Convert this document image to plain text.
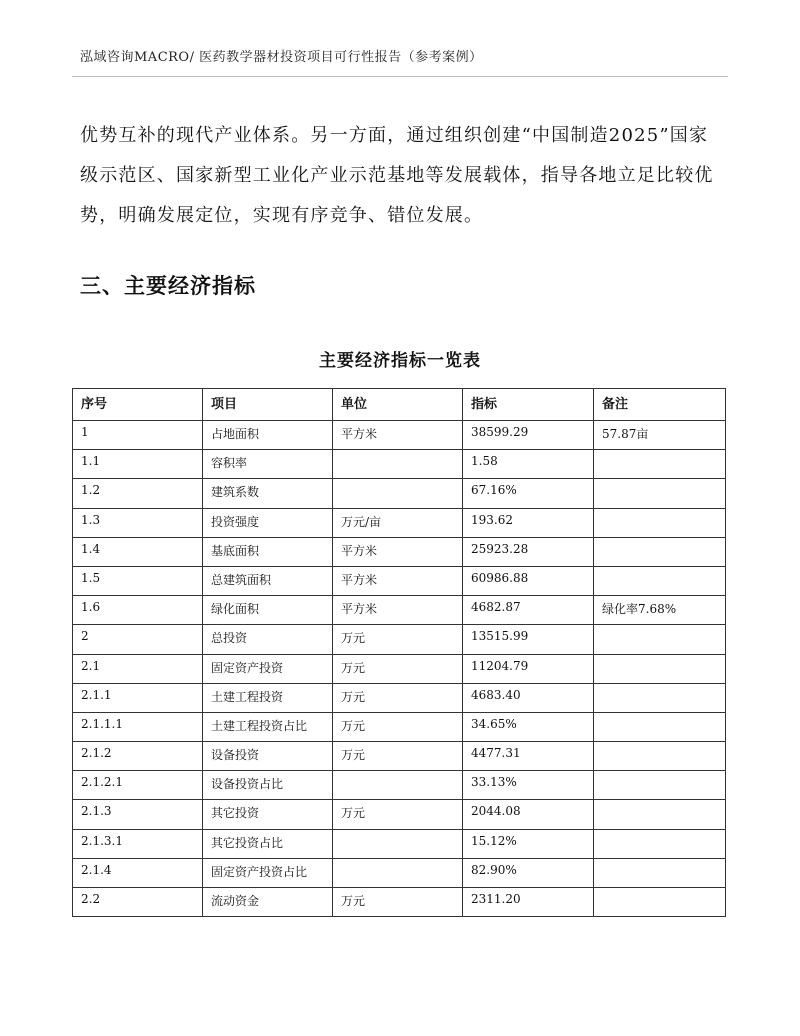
泓域咨询MACRO/ 医药教学器材投资项目可行性报告（参考案例）

优势互补的现代产业体系。另一方面，通过组织创建“中国制造2025”国家级示范区、国家新型工业化产业示范基地等发展载体，指导各地立足比较优势，明确发展定位，实现有序竞争、错位发展。

三、主要经济指标
主要经济指标一览表
序号	项目	单位	指标	备注
1	占地面积	平方米	38599.29	57.87亩
1.1	容积率		1.58	
1.2	建筑系数		67.16%	
1.3	投资强度	万元/亩	193.62	
1.4	基底面积	平方米	25923.28	
1.5	总建筑面积	平方米	60986.88	
1.6	绿化面积	平方米	4682.87	绿化率7.68%
2	总投资	万元	13515.99	
2.1	固定资产投资	万元	11204.79	
2.1.1	土建工程投资	万元	4683.40	
2.1.1.1	土建工程投资占比	万元	34.65%	
2.1.2	设备投资	万元	4477.31	
2.1.2.1	设备投资占比		33.13%	
2.1.3	其它投资	万元	2044.08	
2.1.3.1	其它投资占比		15.12%	
2.1.4	固定资产投资占比		82.90%	
2.2	流动资金	万元	2311.20	
